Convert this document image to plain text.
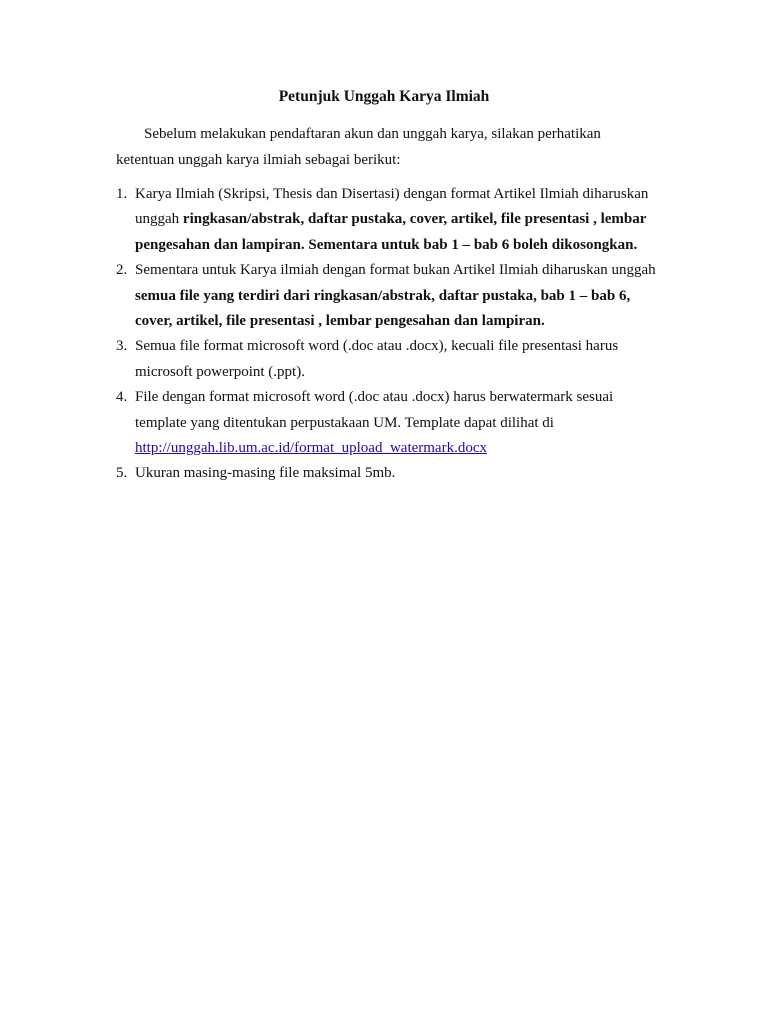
Petunjuk Unggah Karya Ilmiah

Sebelum melakukan pendaftaran akun dan unggah karya, silakan perhatikan ketentuan unggah karya ilmiah sebagai berikut:

1. Karya Ilmiah (Skripsi, Thesis dan Disertasi) dengan format Artikel Ilmiah diharuskan unggah ringkasan/abstrak, daftar pustaka, cover, artikel, file presentasi , lembar pengesahan dan lampiran. Sementara untuk bab 1 – bab 6 boleh dikosongkan.
2. Sementara untuk Karya ilmiah dengan format bukan Artikel Ilmiah diharuskan unggah semua file yang terdiri dari ringkasan/abstrak, daftar pustaka, bab 1 – bab 6, cover, artikel, file presentasi , lembar pengesahan dan lampiran.
3. Semua file format microsoft word (.doc atau .docx), kecuali file presentasi harus microsoft powerpoint (.ppt).
4. File dengan format microsoft word (.doc atau .docx) harus berwatermark sesuai template yang ditentukan perpustakaan UM. Template dapat dilihat di
http://unggah.lib.um.ac.id/format_upload_watermark.docx
5. Ukuran masing-masing file maksimal 5mb.
